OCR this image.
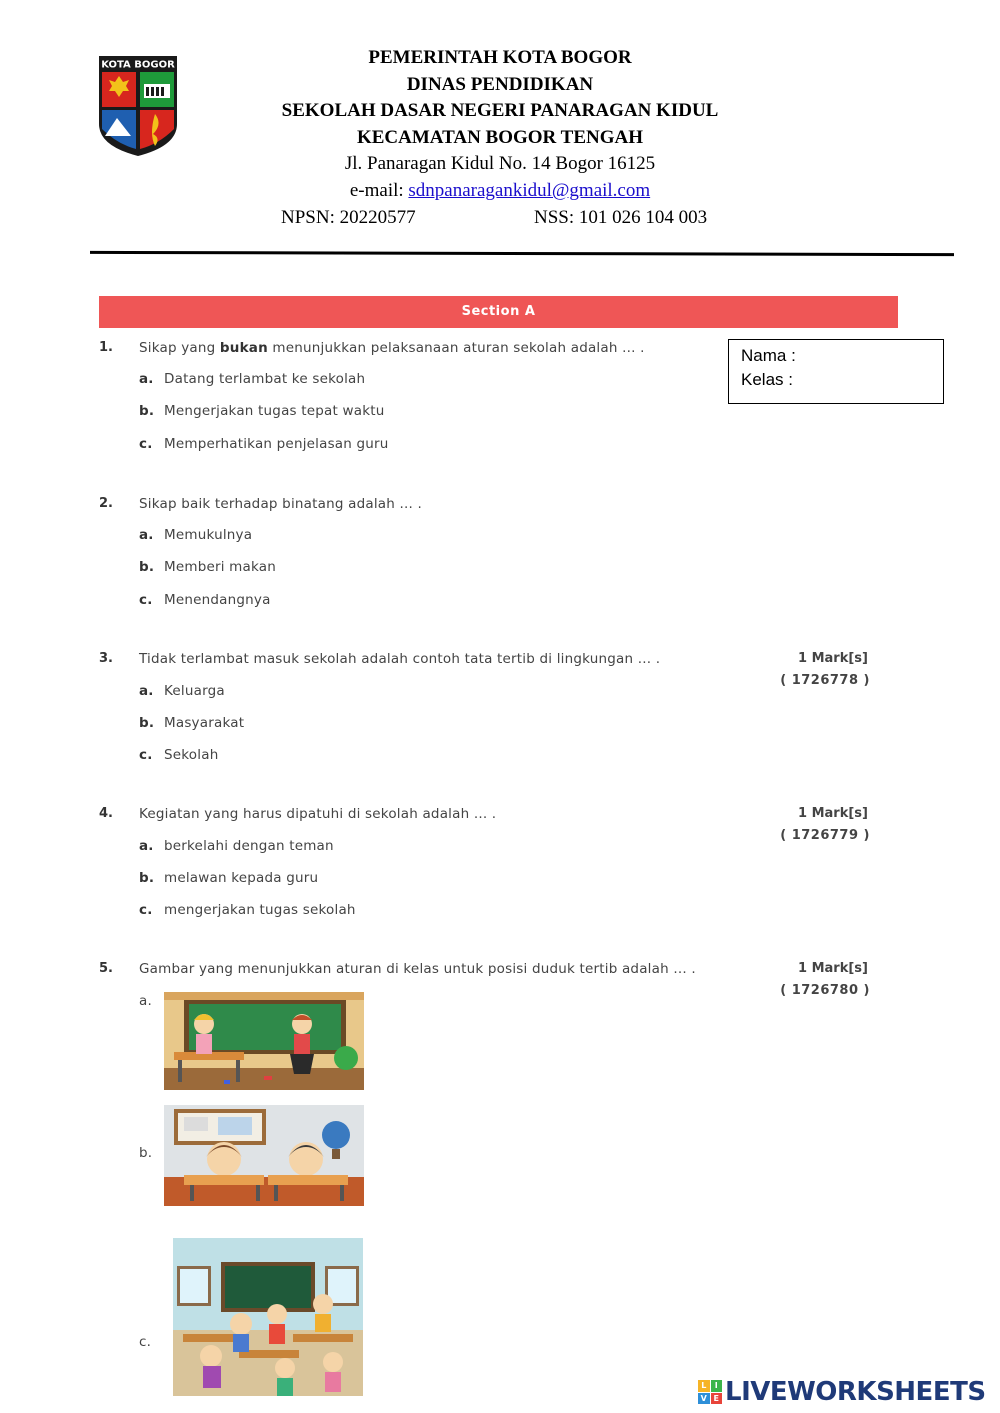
KOTA BOGOR	PEMERINTAH KOTA BOGOR
DINAS PENDIDIKAN
SEKOLAH DASAR NEGERI PANARAGAN KIDUL
KECAMATAN BOGOR TENGAH
Jl. Panaragan Kidul No. 14 Bogor 16125
e-mail: sdnpanaragankidul@gmail.com
NPSN: 20220577	NSS: 101 026 104 003
Section A
Nama :
Kelas :
1. Sikap yang bukan menunjukkan pelaksanaan aturan sekolah adalah ... .
a. Datang terlambat ke sekolah
b. Mengerjakan tugas tepat waktu
c. Memperhatikan penjelasan guru
2. Sikap baik terhadap binatang adalah ... .
a. Memukulnya
b. Memberi makan
c. Menendangnya
3. Tidak terlambat masuk sekolah adalah contoh tata tertib di lingkungan ... .	1 Mark[s]
( 1726778 )
a. Keluarga
b. Masyarakat
c. Sekolah
4. Kegiatan yang harus dipatuhi di sekolah adalah ... .	1 Mark[s]
( 1726779 )
a. berkelahi dengan teman
b. melawan kepada guru
c. mengerjakan tugas sekolah
5. Gambar yang menunjukkan aturan di kelas untuk posisi duduk tertib adalah ... .	1 Mark[s]
( 1726780 )
a.
b.
c.
L	I
V E LIVEWORKSHEETS
